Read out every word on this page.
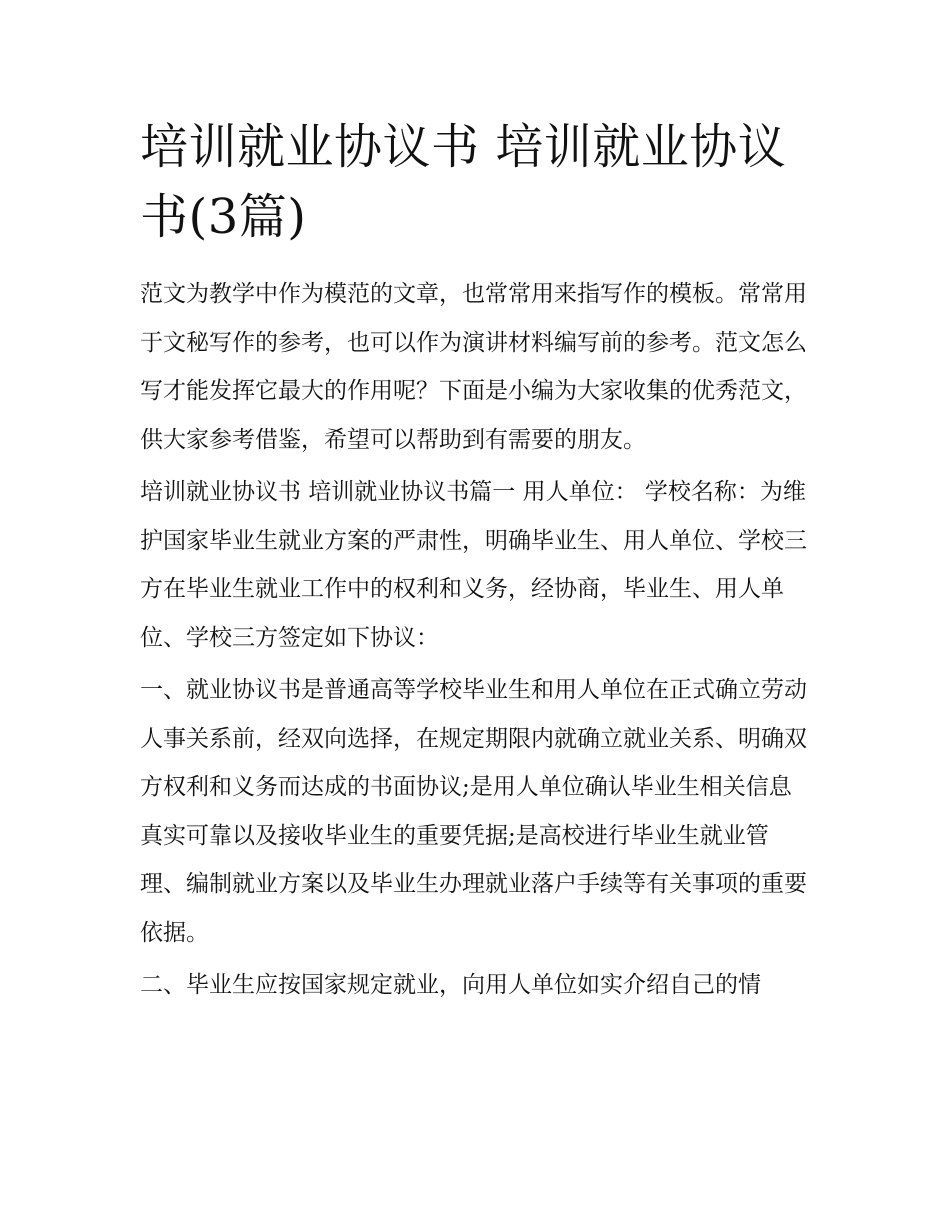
培训就业协议书 培训就业协议书(3篇)

范文为教学中作为模范的文章，也常常用来指写作的模板。常常用于文秘写作的参考，也可以作为演讲材料编写前的参考。范文怎么写才能发挥它最大的作用呢？下面是小编为大家收集的优秀范文，供大家参考借鉴，希望可以帮助到有需要的朋友。

培训就业协议书 培训就业协议书篇一 用人单位： 学校名称：为维护国家毕业生就业方案的严肃性，明确毕业生、用人单位、学校三方在毕业生就业工作中的权利和义务，经协商，毕业生、用人单位、学校三方签定如下协议：

一、就业协议书是普通高等学校毕业生和用人单位在正式确立劳动人事关系前，经双向选择，在规定期限内就确立就业关系、明确双方权利和义务而达成的书面协议;是用人单位确认毕业生相关信息真实可靠以及接收毕业生的重要凭据;是高校进行毕业生就业管理、编制就业方案以及毕业生办理就业落户手续等有关事项的重要依据。

二、毕业生应按国家规定就业，向用人单位如实介绍自己的情
